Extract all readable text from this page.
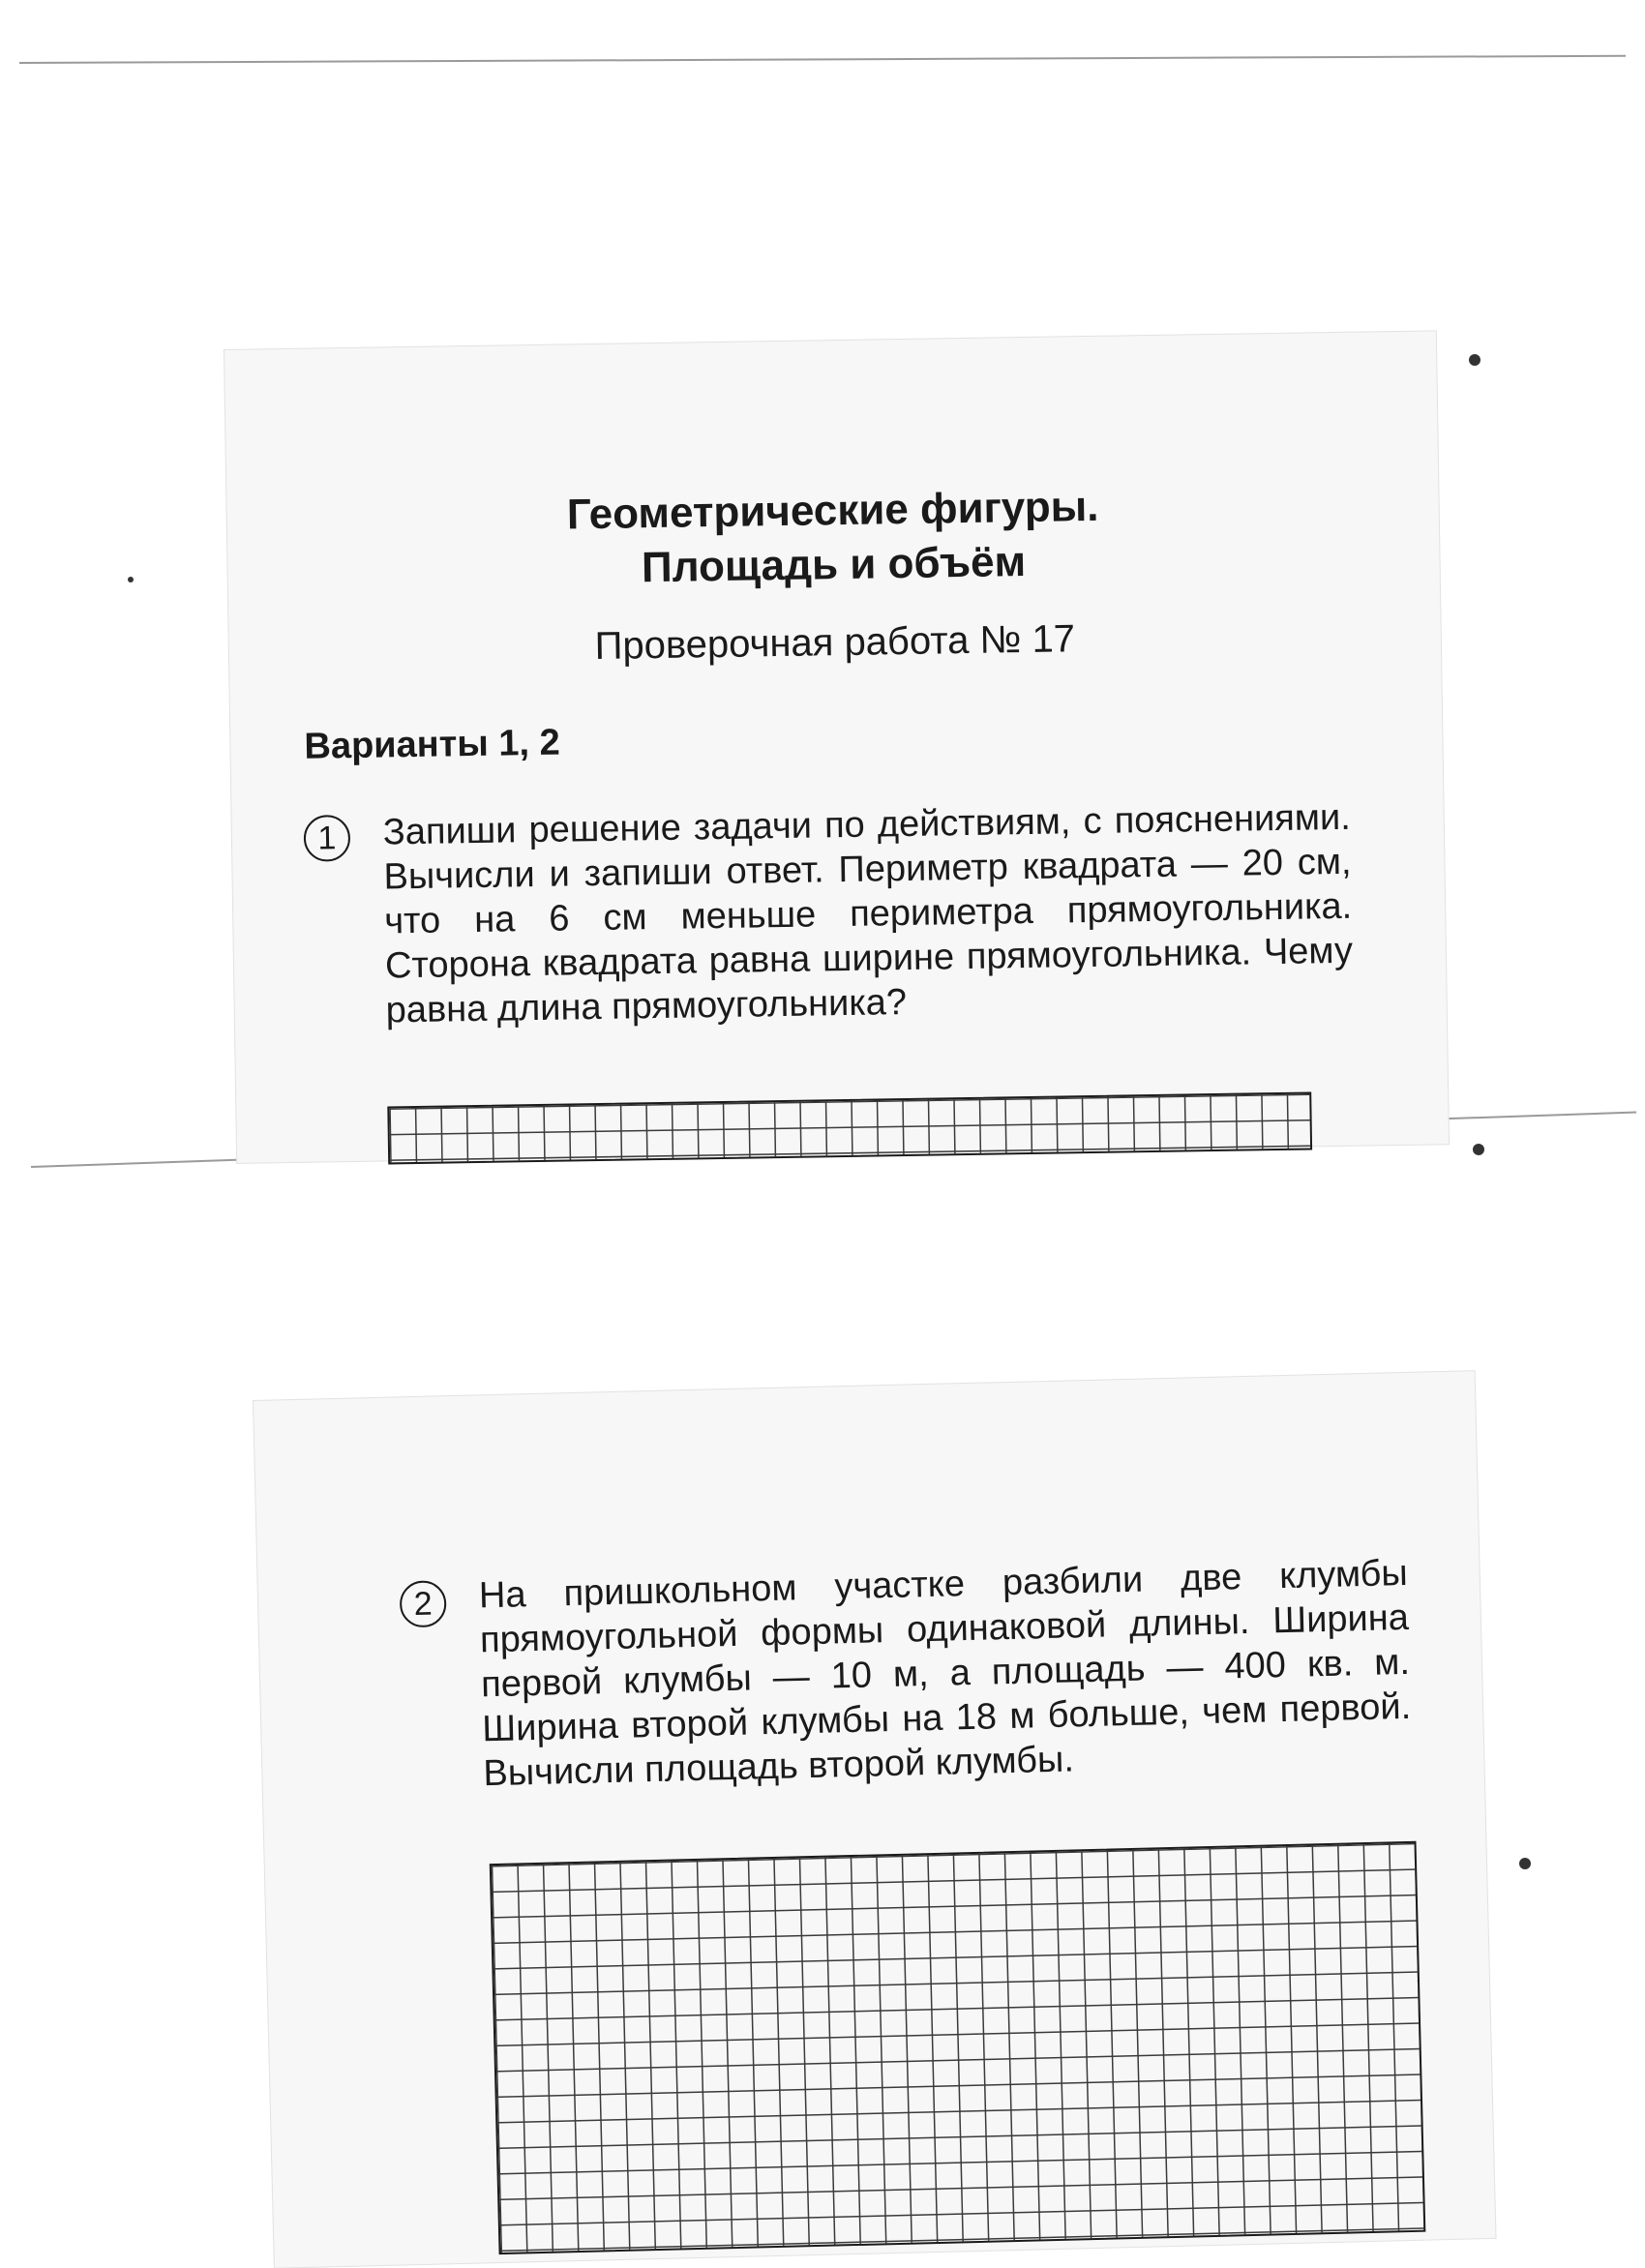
Геометрические фигуры.
Площадь и объём
Проверочная работа № 17
Варианты 1, 2
1	Запиши решение задачи по действиям, с пояснениями. Вычисли и запиши ответ. Периметр квадрата — 20 см, что на 6 см меньше периметра прямоугольника. Сторона квадрата равна ширине прямоугольника. Чему равна длина прямоугольника?
2	На пришкольном участке разбили две клумбы прямоугольной формы одинаковой длины. Ширина первой клумбы — 10 м, а площадь — 400 кв. м. Ширина второй клумбы на 18 м больше, чем первой. Вычисли площадь второй клумбы.
